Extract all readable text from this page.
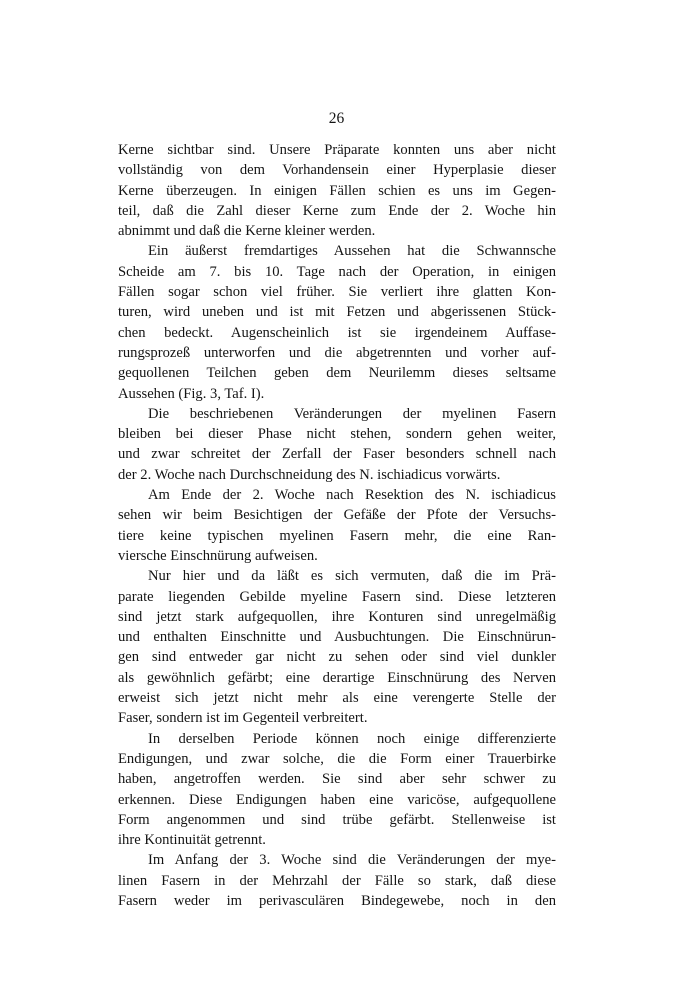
26
Kerne sichtbar sind. Unsere Präparate konnten uns aber nicht
vollständig von dem Vorhandensein einer Hyperplasie dieser
Kerne überzeugen. In einigen Fällen schien es uns im Gegen-
teil, daß die Zahl dieser Kerne zum Ende der 2. Woche hin
abnimmt und daß die Kerne kleiner werden.
Ein äußerst fremdartiges Aussehen hat die Schwannsche
Scheide am 7. bis 10. Tage nach der Operation, in einigen
Fällen sogar schon viel früher. Sie verliert ihre glatten Kon-
turen, wird uneben und ist mit Fetzen und abgerissenen Stück-
chen bedeckt. Augenscheinlich ist sie irgendeinem Auffase-
rungsprozeß unterworfen und die abgetrennten und vorher auf-
gequollenen Teilchen geben dem Neurilemm dieses seltsame
Aussehen (Fig. 3, Taf. I).
Die beschriebenen Veränderungen der myelinen Fasern
bleiben bei dieser Phase nicht stehen, sondern gehen weiter,
und zwar schreitet der Zerfall der Faser besonders schnell nach
der 2. Woche nach Durchschneidung des N. ischiadicus vorwärts.
Am Ende der 2. Woche nach Resektion des N. ischiadicus
sehen wir beim Besichtigen der Gefäße der Pfote der Versuchs-
tiere keine typischen myelinen Fasern mehr, die eine Ran-
viersche Einschnürung aufweisen.
Nur hier und da läßt es sich vermuten, daß die im Prä-
parate liegenden Gebilde myeline Fasern sind. Diese letzteren
sind jetzt stark aufgequollen, ihre Konturen sind unregelmäßig
und enthalten Einschnitte und Ausbuchtungen. Die Einschnürun-
gen sind entweder gar nicht zu sehen oder sind viel dunkler
als gewöhnlich gefärbt; eine derartige Einschnürung des Nerven
erweist sich jetzt nicht mehr als eine verengerte Stelle der
Faser, sondern ist im Gegenteil verbreitert.
In derselben Periode können noch einige differenzierte
Endigungen, und zwar solche, die die Form einer Trauerbirke
haben, angetroffen werden. Sie sind aber sehr schwer zu
erkennen. Diese Endigungen haben eine varicöse, aufgequollene
Form angenommen und sind trübe gefärbt. Stellenweise ist
ihre Kontinuität getrennt.
Im Anfang der 3. Woche sind die Veränderungen der mye-
linen Fasern in der Mehrzahl der Fälle so stark, daß diese
Fasern weder im perivasculären Bindegewebe, noch in den
